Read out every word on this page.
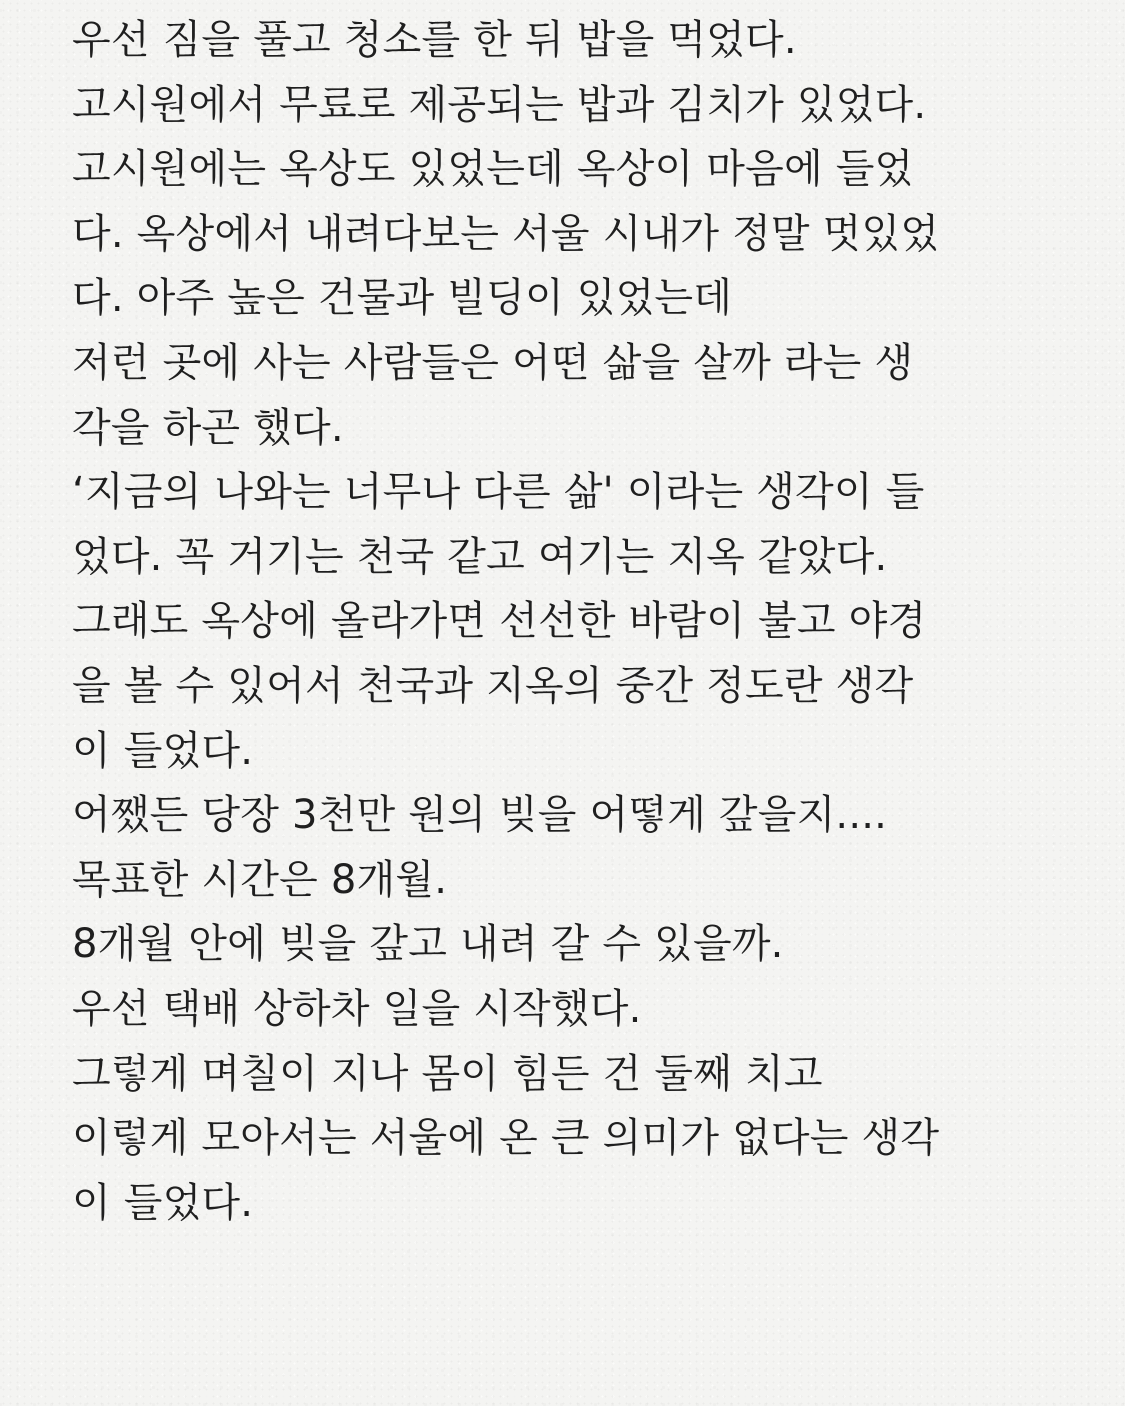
우선 짐을 풀고 청소를 한 뒤 밥을 먹었다.
고시원에서 무료로 제공되는 밥과 김치가 있었다.
고시원에는 옥상도 있었는데 옥상이 마음에 들었
다. 옥상에서 내려다보는 서울 시내가 정말 멋있었
다. 아주 높은 건물과 빌딩이 있었는데
저런 곳에 사는 사람들은 어떤 삶을 살까 라는 생
각을 하곤 했다.
‘지금의 나와는 너무나 다른 삶' 이라는 생각이 들
었다. 꼭 거기는 천국 같고 여기는 지옥 같았다.
그래도 옥상에 올라가면 선선한 바람이 불고 야경
을 볼 수 있어서 천국과 지옥의 중간 정도란 생각
이 들었다.
어쨌든 당장 3천만 원의 빚을 어떻게 갚을지....
목표한 시간은 8개월.
8개월 안에 빚을 갚고 내려 갈 수 있을까.
우선 택배 상하차 일을 시작했다.
그렇게 며칠이 지나 몸이 힘든 건 둘째 치고
이렇게 모아서는 서울에 온 큰 의미가 없다는 생각
이 들었다.
